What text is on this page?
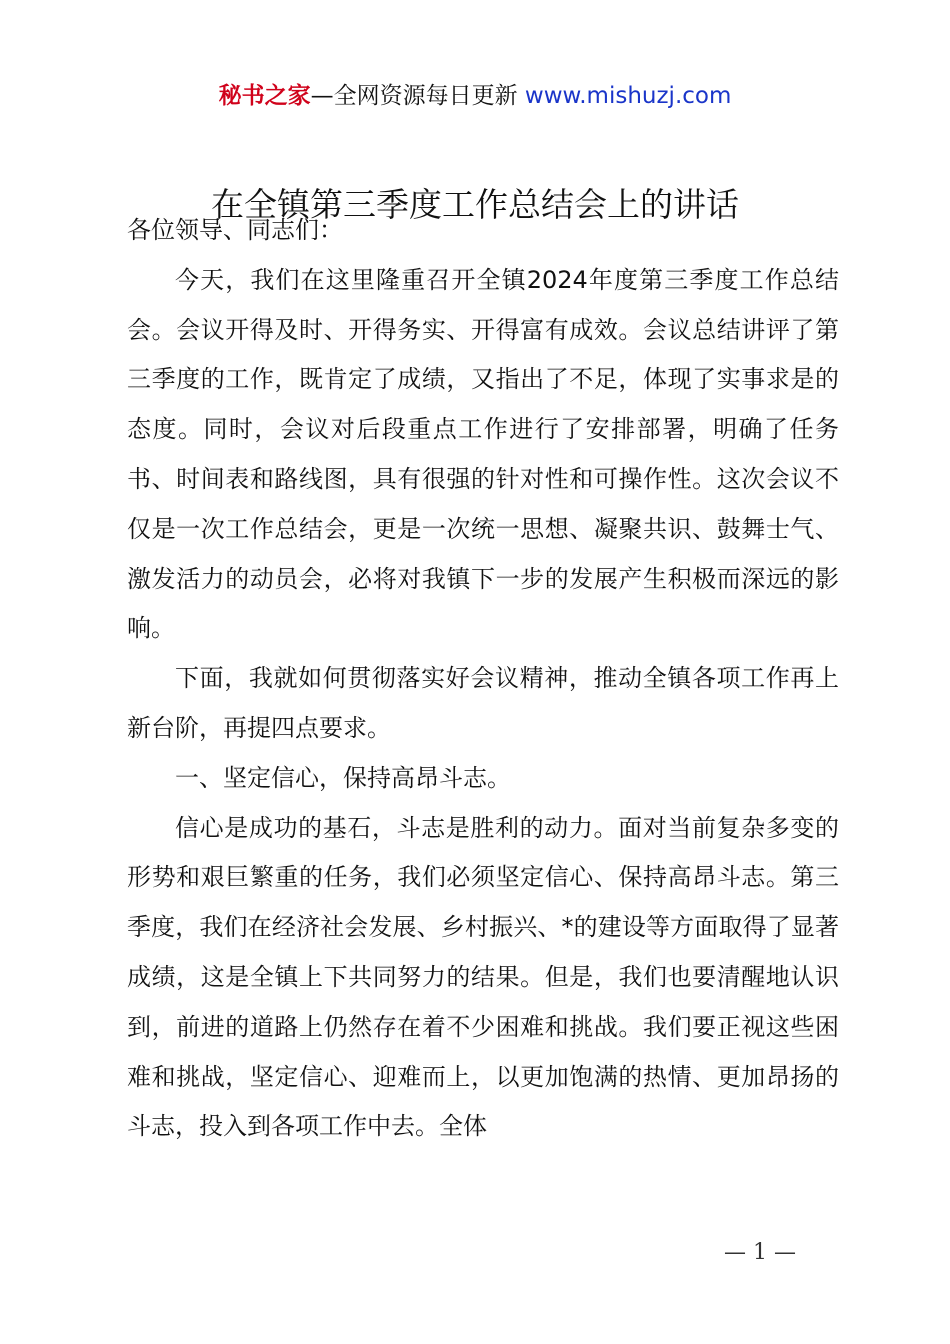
秘书之家—全网资源每日更新 www.mishuzj.com
在全镇第三季度工作总结会上的讲话

各位领导、同志们：

今天，我们在这里隆重召开全镇2024年度第三季度工作总结会。会议开得及时、开得务实、开得富有成效。会议总结讲评了第三季度的工作，既肯定了成绩，又指出了不足，体现了实事求是的态度。同时，会议对后段重点工作进行了安排部署，明确了任务书、时间表和路线图，具有很强的针对性和可操作性。这次会议不仅是一次工作总结会，更是一次统一思想、凝聚共识、鼓舞士气、激发活力的动员会，必将对我镇下一步的发展产生积极而深远的影响。

下面，我就如何贯彻落实好会议精神，推动全镇各项工作再上新台阶，再提四点要求。

一、坚定信心，保持高昂斗志。

信心是成功的基石，斗志是胜利的动力。面对当前复杂多变的形势和艰巨繁重的任务，我们必须坚定信心、保持高昂斗志。第三季度，我们在经济社会发展、乡村振兴、*的建设等方面取得了显著成绩，这是全镇上下共同努力的结果。但是，我们也要清醒地认识到，前进的道路上仍然存在着不少困难和挑战。我们要正视这些困难和挑战，坚定信心、迎难而上，以更加饱满的热情、更加昂扬的斗志，投入到各项工作中去。全体

— 1 —
